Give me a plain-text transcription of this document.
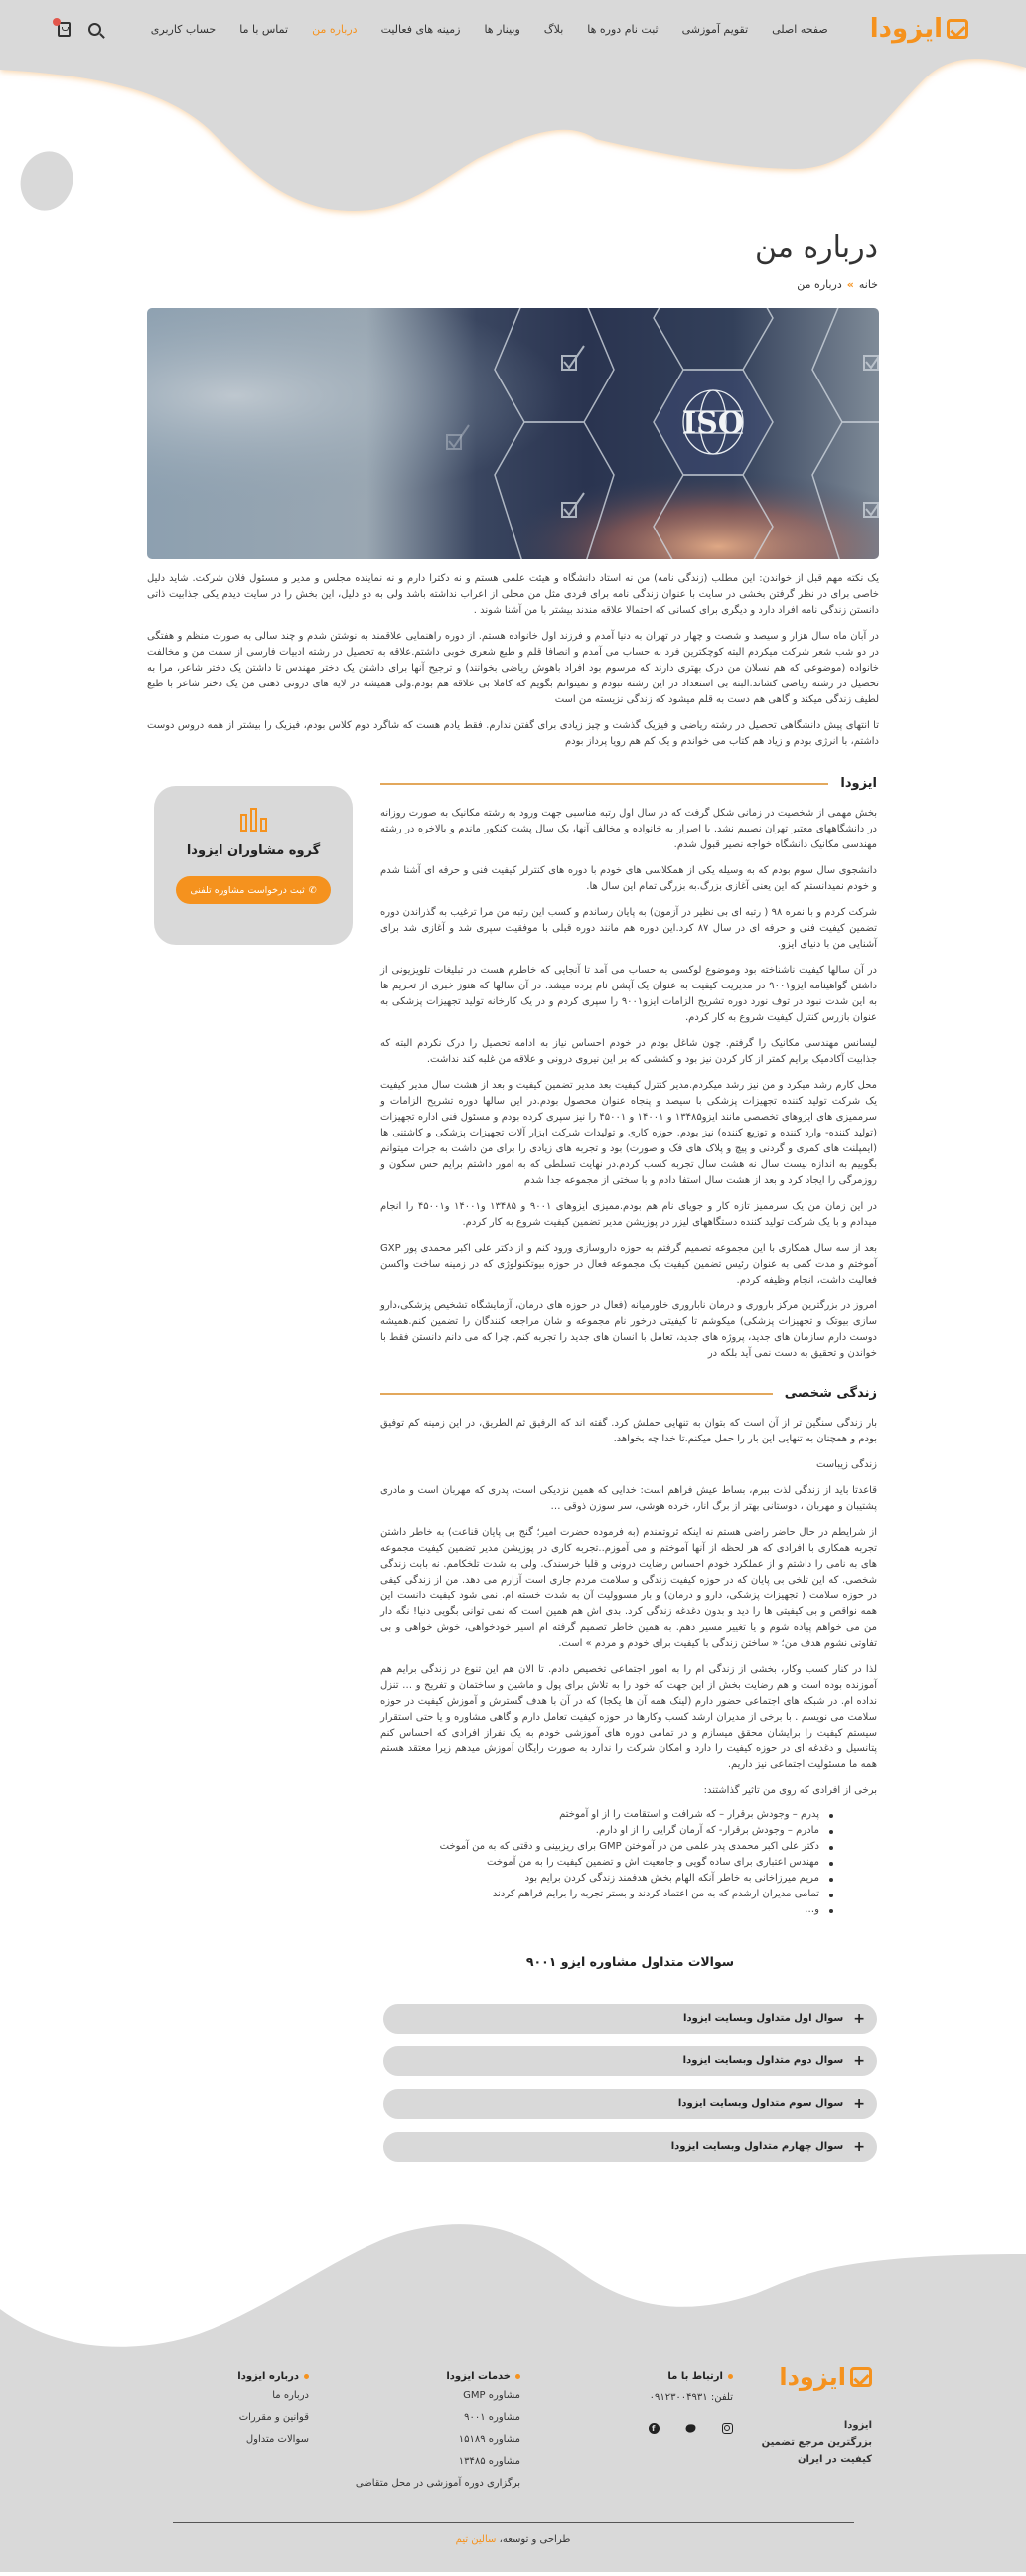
ایزودا
صفحه اصلی
تقویم آموزشی
ثبت نام دوره ها
بلاگ
وبینار ها
زمینه های فعالیت
درباره من
تماس با ما
حساب کاربری
درباره من
خانه
»
درباره من
ISO

یک نکته مهم قبل از خواندن: این مطلب (زندگی نامه) من نه استاد دانشگاه و هیئت علمی هستم و نه دکترا دارم و نه نماینده مجلس و مدیر و مسئول فلان شرکت. شاید دلیل خاصی برای در نظر گرفتن بخشی در سایت با عنوان زندگی نامه برای فردی مثل من محلی از اعراب نداشته باشد ولی به دو دلیل، این بخش را در سایت دیدم یکی جذابیت ذاتی دانستن زندگی نامه افراد دارد و دیگری برای کسانی که احتمالا علاقه مندند بیشتر با من آشنا شوند .

در آبان ماه سال هزار و سیصد و شصت و چهار در تهران به دنیا آمدم و فرزند اول خانواده هستم. از دوره راهنمایی علاقمند به نوشتن شدم و چند سالی به صورت منظم و هفتگی در دو شب شعر شرکت میکردم البته کوچکترین فرد به حساب می آمدم و انصافا قلم و طبع شعری خوبی داشتم.علاقه به تحصیل در رشته ادبیات فارسی از سمت من و مخالفت خانواده (موضوعی که هم نسلان من درک بهتری دارند که مرسوم بود افراد باهوش ریاضی بخوانند) و ترجیح آنها برای داشتن یک دختر مهندس تا داشتن یک دختر شاعر، مرا به تحصیل در رشته ریاضی کشاند.البته بی استعداد در این رشته نبودم و نمیتوانم بگویم که کاملا بی علاقه هم بودم.ولی همیشه در لایه های درونی ذهنی من یک دختر شاعر با طبع لطیف زندگی میکند و گاهی هم دست به قلم میشود که زندگی نزیسته من است

تا انتهای پیش دانشگاهی تحصیل در رشته ریاضی و فیزیک گذشت و چیز زیادی برای گفتن ندارم. فقط یادم هست که شاگرد دوم کلاس بودم، فیزیک را بیشتر از همه دروس دوست داشتم، با انرژی بودم و زیاد هم کتاب می خواندم و یک کم هم رویا پرداز بودم

ایزودا

بخش مهمی از شخصیت در زمانی شکل گرفت که در سال اول رتبه مناسبی جهت ورود به رشته مکانیک به صورت روزانه در دانشگاههای معتبر تهران نصیبم نشد. با اصرار به خانواده و مخالف آنها، یک سال پشت کنکور ماندم و بالاخره در رشته مهندسی مکانیک دانشگاه خواجه نصیر قبول شدم.

دانشجوی سال سوم بودم که به وسیله یکی از همکلاسی های خودم با دوره های کنترلر کیفیت فنی و حرفه ای آشنا شدم و خودم نمیدانستم که این یعنی آغازی بزرگ.به بزرگی تمام این سال ها.

شرکت کردم و با نمره ۹۸ ( رتبه ای بی نظیر در آزمون) به پایان رساندم و کسب این رتبه من مرا ترغیب به گذراندن دوره تضمین کیفیت فنی و حرفه ای در سال ۸۷ کرد.این دوره هم مانند دوره قبلی با موفقیت سپری شد و آغازی شد برای آشنایی من با دنیای ایزو.

در آن سالها کیفیت ناشناخته بود وموضوع لوکسی به حساب می آمد تا آنجایی که خاطرم هست در تبلیغات تلویزیونی از داشتن گواهینامه ایزو۹۰۰۱ در مدیریت کیفیت به عنوان یک آپشن نام برده میشد. در آن سالها که هنوز خبری از تحریم ها به این شدت نبود در توف نورد دوره تشریح الزامات ایزو۹۰۰۱ را سپری کردم و در یک کارخانه تولید تجهیزات پزشکی به عنوان بازرس کنترل کیفیت شروع به کار کردم.

لیسانس مهندسی مکانیک را گرفتم. چون شاغل بودم در خودم احساس نیاز به ادامه تحصیل را درک نکردم البته که جذابیت آکادمیک برایم کمتر از کار کردن نیز بود و کششی که بر این نیروی درونی و علاقه من غلبه کند نداشت.

محل کارم رشد میکرد و من نیز رشد میکردم.مدیر کنترل کیفیت بعد مدیر تضمین کیفیت و بعد از هشت سال مدیر کیفیت یک شرکت تولید کننده تجهیزات پزشکی با سیصد و پنجاه عنوان محصول بودم.در این سالها دوره تشریح الزامات و سرممیزی های ایزوهای تخصصی مانند ایزو۱۳۴۸۵ و ۱۴۰۰۱ و ۴۵۰۰۱ را نیز سپری کرده بودم و مسئول فنی اداره تجهیزات (تولید کننده- وارد کننده و توزیع کننده) نیز بودم. حوزه کاری و تولیدات شرکت ابزار آلات تجهیزات پزشکی و کاشتنی ها (ایمپلنت های کمری و گردنی و پیچ و پلاک های فک و صورت) بود و تجربه های زیادی را برای من داشت به جرات میتوانم بگوییم به اندازه بیست سال نه هشت سال تجربه کسب کردم.در نهایت تسلطی که به امور داشتم برایم حس سکون و روزمرگی را ایجاد کرد و بعد از هشت سال استفا دادم و با سختی از مجموعه جدا شدم

در این زمان من یک سرممیز تازه کار و جویای نام هم بودم.ممیزی ایزوهای ۹۰۰۱ و ۱۳۴۸۵ و۱۴۰۰۱ و۴۵۰۰۱ را انجام میدادم و با یک شرکت تولید کننده دستگاههای لیزر در پوزیشن مدیر تضمین کیفیت شروع به کار کردم.

بعد از سه سال همکاری با این مجموعه تصمیم گرفتم به حوزه داروسازی ورود کنم و از دکتر علی اکبر محمدی پور GXP آموختم و مدت کمی به عنوان رئیس تضمین کیفیت یک مجموعه فعال در حوزه بیوتکنولوژی که در زمینه ساخت واکسن فعالیت داشت، انجام وظیفه کردم.

امروز در بزرگترین مرکز باروری و درمان ناباروری خاورمیانه (فعال در حوزه های درمان، آزمایشگاه تشخیص پزشکی،دارو سازی بیوتک و تجهیزات پزشکی) میکوشم تا کیفیتی درخور نام مجموعه و شان مراجعه کنندگان را تضمین کنم.همیشه دوست دارم سازمان های جدید، پروژه های جدید، تعامل با انسان های جدید را تجربه کنم. چرا که می دانم دانستن فقط با خواندن و تحقیق به دست نمی آید بلکه در

زندگی شخصی

بار زندگی سنگین تر از آن است که بتوان به تنهایی حملش کرد. گفته اند که الرفیق ثم الطریق، در این زمینه کم توفیق بودم و همچنان به تنهایی این بار را حمل میکنم.تا خدا چه بخواهد.

زندگی زیباست

قاعدتا باید از زندگی لذت ببرم، بساط عیش فراهم است: خدایی که همین نزدیکی است، پدری که مهربان است و مادری پشتیبان و مهربان ، دوستانی بهتر از برگ انار، خرده هوشی، سر سوزن ذوقی …

از شرایطم در حال حاضر راضی هستم نه اینکه ثروتمندم (به فرموده حضرت امیر؛ گنج بی پایان قناعت) به خاطر داشتن تجربه همکاری با افرادی که هر لحظه از آنها آموختم و می آموزم..تجربه کاری در پوزیشن مدیر تضمین کیفیت مجموعه های به نامی را داشتم و از عملکرد خودم احساس رضایت درونی و قلبا خرسندک. ولی به شدت تلخکامم. نه بابت زندگی شخصی. که این تلخی بی پایان که در حوزه کیفیت زندگی و سلامت مردم جاری است آزارم می دهد. من از زندگی کیفی در حوزه سلامت ( تجهیزات پزشکی، دارو و درمان) و بار مسوولیت آن به شدت خسته ام. نمی شود کیفیت دانست این همه نواقص و بی کیفیتی ها را دید و بدون دغدغه زندگی کرد. بدی اش هم همین است که نمی توانی بگویی دنیا! نگه دار من می خواهم پیاده شوم و یا تغییر مسیر دهم. به همین خاطر تصمیم گرفته ام اسیر خودخواهی، خوش خواهی و بی تفاوتی نشوم هدف من؛ « ساختن زندگی با کیفیت برای خودم و مردم » است.

لذا در کنار کسب وکار، بخشی از زندگی ام را به امور اجتماعی تخصیص دادم. تا الان هم این تنوع در زندگی برایم هم آموزنده بوده است و هم رضایت بخش از این جهت که خود را به تلاش برای پول و ماشین و ساختمان و تفریح و … تنزل نداده ام. در شبکه های اجتماعی حضور دارم (لینک همه آن ها یکجا) که در آن با هدف گسترش و آموزش کیفیت در حوزه سلامت می نویسم . با برخی از مدیران ارشد کسب وکارها در حوزه کیفیت تعامل دارم و گاهی مشاوره و یا حتی استقرار سیستم کیفیت را برایشان محقق میسازم و در تمامی دوره های آموزشی خودم به یک نفراز افرادی که احساس کنم پتانسیل و دغدغه ای در حوزه کیفیت را دارد و امکان شرکت را ندارد به صورت رایگان آموزش میدهم زیرا معتقد هستم همه ما مسئولیت اجتماعی نیز داریم.

برخی از افرادی که روی من تاثیر گذاشتند:

پدرم – وجودش برقرار – که شرافت و استقامت را از او آموختم
مادرم – وجودش برقرار- که آرمان گرایی را از او دارم.
دکتر علی اکبر محمدی پدر علمی من در آموختن GMP برای ریزبینی و دقتی که به من آموخت
مهندس اعتباری برای ساده گویی و جامعیت اش و تضمین کیفیت را به من آموخت
مریم میرزاخانی به خاطر آنکه الهام بخش هدفمند زندگی کردن برایم بود
تمامی مدیران ارشدم که به من اعتماد کردند و بستر تجربه را برایم فراهم کردند
و…
سوالات متداول مشاوره ایزو ۹۰۰۱
+
سوال اول متداول وبسایت ایزودا
+
سوال دوم متداول وبسایت ایزودا
+
سوال سوم متداول وبسایت ایزودا
+
سوال چهارم متداول وبسایت ایزودا
گروه مشاوران ایزودا
✆
ثبت درخواست مشاوره تلفنی
ایزودا
ایزودا
بزرگترین مرجع تضمین کیفیت در ایران
ارتباط با ما
تلفن: ۰۹۱۲۳۰۰۴۹۳۱
f
خدمات ایزودا
مشاوره GMP
مشاوره ۹۰۰۱
مشاوره ۱۵۱۸۹
مشاوره ۱۳۴۸۵
برگزاری دوره آموزشی در محل متقاضی
درباره ایزودا
درباره ما
قوانین و مقررات
سوالات متداول
طراحی و توسعه، سالین تیم
